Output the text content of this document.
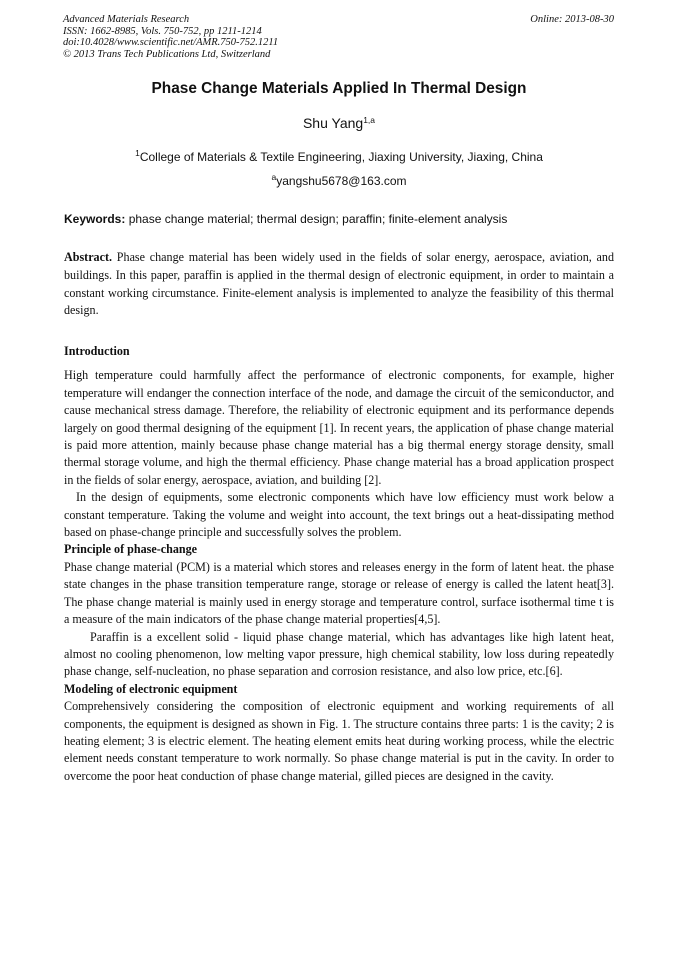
Advanced Materials Research
ISSN: 1662-8985, Vols. 750-752, pp 1211-1214
doi:10.4028/www.scientific.net/AMR.750-752.1211
© 2013 Trans Tech Publications Ltd, Switzerland
Online: 2013-08-30
Phase Change Materials Applied In Thermal Design
Shu Yang$^{1,a}$
$^1$College of Materials & Textile Engineering, Jiaxing University, Jiaxing, China
$^a$yangshu5678@163.com
Keywords: phase change material; thermal design; paraffin; finite-element analysis
Abstract. Phase change material has been widely used in the fields of solar energy, aerospace, aviation, and buildings. In this paper, paraffin is applied in the thermal design of electronic equipment, in order to maintain a constant working circumstance. Finite-element analysis is implemented to analyze the feasibility of this thermal design.
Introduction

High temperature could harmfully affect the performance of electronic components, for example, higher temperature will endanger the connection interface of the node, and damage the circuit of the semiconductor, and cause mechanical stress damage. Therefore, the reliability of electronic equipment and its performance depends largely on good thermal designing of the equipment [1]. In recent years, the application of phase change material is paid more attention, mainly because phase change material has a big thermal energy storage density, small thermal storage volume, and high the thermal efficiency. Phase change material has a broad application prospect in the fields of solar energy, aerospace, aviation, and building [2].

In the design of equipments, some electronic components which have low efficiency must work below a constant temperature. Taking the volume and weight into account, the text brings out a heat-dissipating method based on phase-change principle and successfully solves the problem.

Principle of phase-change

Phase change material (PCM) is a material which stores and releases energy in the form of latent heat. the phase state changes in the phase transition temperature range, storage or release of energy is called the latent heat[3]. The phase change material is mainly used in energy storage and temperature control, surface isothermal time t is a measure of the main indicators of the phase change material properties[4,5].

Paraffin is a excellent solid - liquid phase change material, which has advantages like high latent heat, almost no cooling phenomenon, low melting vapor pressure, high chemical stability, low loss during repeatedly phase change, self-nucleation, no phase separation and corrosion resistance, and also low price, etc.[6].

Modeling of electronic equipment

Comprehensively considering the composition of electronic equipment and working requirements of all components, the equipment is designed as shown in Fig. 1. The structure contains three parts: 1 is the cavity; 2 is heating element; 3 is electric element. The heating element emits heat during working process, while the electric element needs constant temperature to work normally. So phase change material is put in the cavity. In order to overcome the poor heat conduction of phase change material, gilled pieces are designed in the cavity.
